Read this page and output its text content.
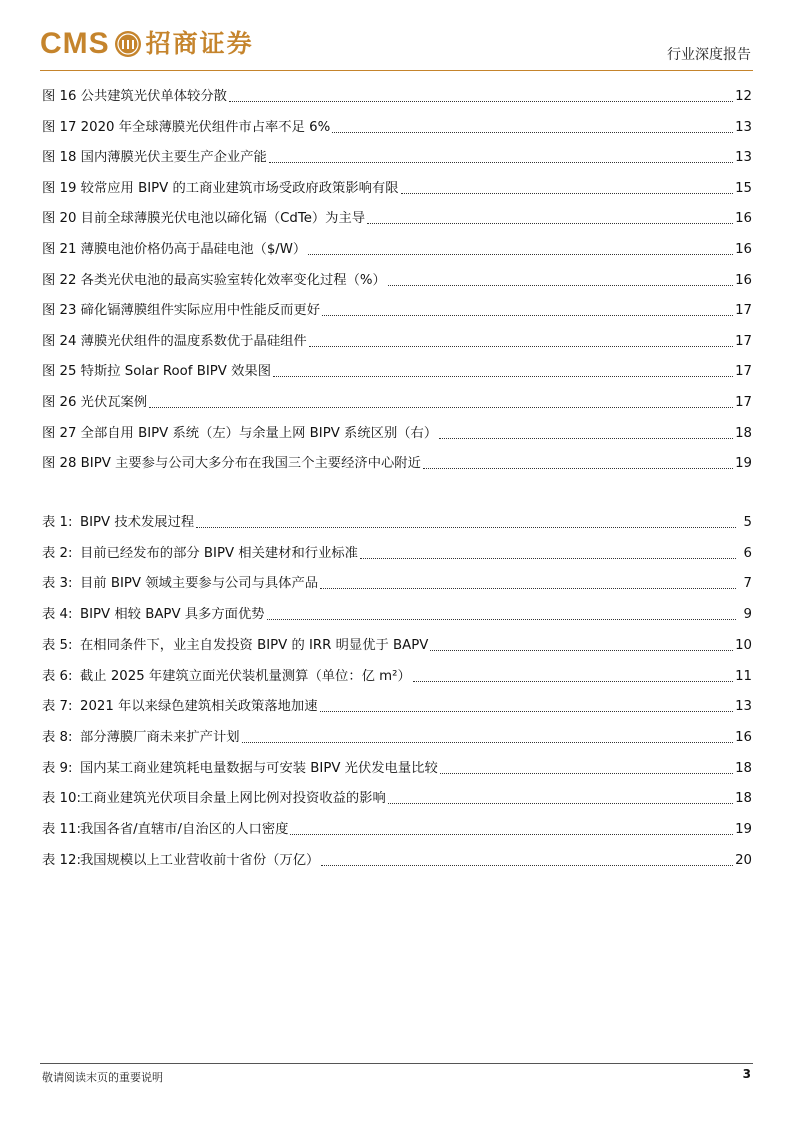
CMS 招商证券	行业深度报告
图 16 公共建筑光伏单体较分散	12
图 17 2020 年全球薄膜光伏组件市占率不足 6%	13
图 18 国内薄膜光伏主要生产企业产能	13
图 19 较常应用 BIPV 的工商业建筑市场受政府政策影响有限	15
图 20 目前全球薄膜光伏电池以碲化镉（CdTe）为主导	16
图 21 薄膜电池价格仍高于晶硅电池（$/W）	16
图 22 各类光伏电池的最高实验室转化效率变化过程（%）	16
图 23 碲化镉薄膜组件实际应用中性能反而更好	17
图 24 薄膜光伏组件的温度系数优于晶硅组件	17
图 25 特斯拉 Solar Roof BIPV 效果图	17
图 26 光伏瓦案例	17
图 27 全部自用 BIPV 系统（左）与余量上网 BIPV 系统区别（右）	18
图 28 BIPV 主要参与公司大多分布在我国三个主要经济中心附近	19
表 1: BIPV 技术发展过程	5
表 2: 目前已经发布的部分 BIPV 相关建材和行业标准	6
表 3: 目前 BIPV 领域主要参与公司与具体产品	7
表 4: BIPV 相较 BAPV 具多方面优势	9
表 5: 在相同条件下，业主自发投资 BIPV 的 IRR 明显优于 BAPV	10
表 6: 截止 2025 年建筑立面光伏装机量测算（单位：亿 m²）	11
表 7: 2021 年以来绿色建筑相关政策落地加速	13
表 8: 部分薄膜厂商未来扩产计划	16
表 9: 国内某工商业建筑耗电量数据与可安装 BIPV 光伏发电量比较	18
表 10:工商业建筑光伏项目余量上网比例对投资收益的影响	18
表 11:我国各省/直辖市/自治区的人口密度	19
表 12:我国规模以上工业营收前十省份（万亿）	20
敬请阅读末页的重要说明	3
